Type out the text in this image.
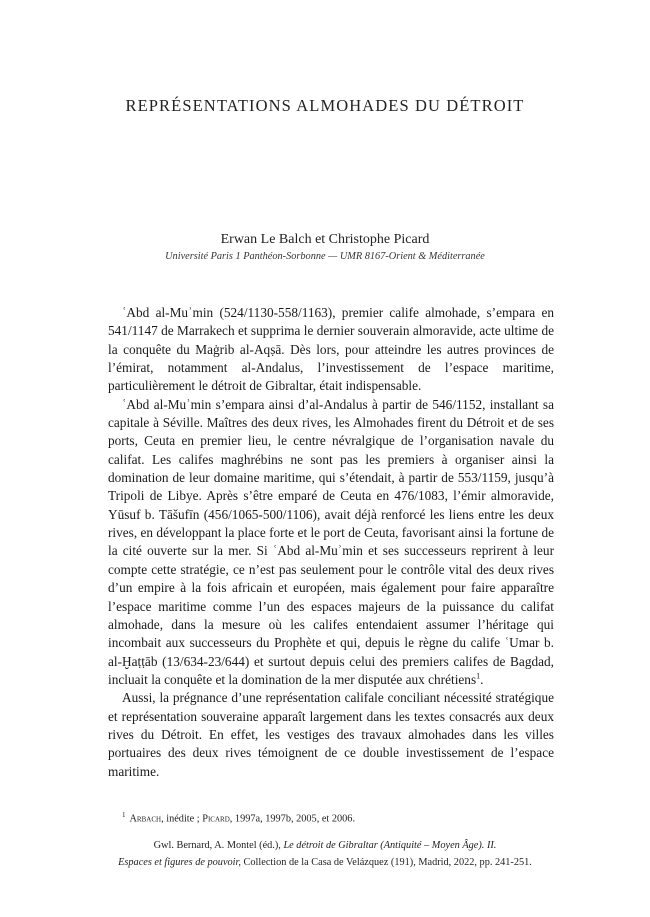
REPRÉSENTATIONS ALMOHADES DU DÉTROIT
Erwan Le Balch et Christophe Picard
Université Paris 1 Panthéon-Sorbonne — UMR 8167-Orient & Méditerranée

ʿAbd al-Muʾmin (524/1130-558/1163), premier calife almohade, s’empara en 541/1147 de Marrakech et supprima le dernier souverain almoravide, acte ultime de la conquête du Maġrib al-Aqṣā. Dès lors, pour atteindre les autres provinces de l’émirat, notamment al-Andalus, l’investissement de l’espace maritime, particulièrement le détroit de Gibraltar, était indispensable.

ʿAbd al-Muʾmin s’empara ainsi d’al-Andalus à partir de 546/1152, installant sa capitale à Séville. Maîtres des deux rives, les Almohades firent du Détroit et de ses ports, Ceuta en premier lieu, le centre névralgique de l’organisation navale du califat. Les califes maghrébins ne sont pas les premiers à organiser ainsi la domination de leur domaine maritime, qui s’étendait, à partir de 553/1159, jusqu’à Tripoli de Libye. Après s’être emparé de Ceuta en 476/1083, l’émir almoravide, Yūsuf b. Tāšufīn (456/1065-500/1106), avait déjà renforcé les liens entre les deux rives, en développant la place forte et le port de Ceuta, favorisant ainsi la fortune de la cité ouverte sur la mer. Si ʿAbd al-Muʾmin et ses successeurs reprirent à leur compte cette stratégie, ce n’est pas seulement pour le contrôle vital des deux rives d’un empire à la fois africain et européen, mais également pour faire apparaître l’espace maritime comme l’un des espaces majeurs de la puissance du califat almohade, dans la mesure où les califes entendaient assumer l’héritage qui incombait aux successeurs du Prophète et qui, depuis le règne du calife ʿUmar b. al-Ḫaṭṭāb (13/634-23/644) et surtout depuis celui des premiers califes de Bagdad, incluait la conquête et la domination de la mer disputée aux chrétiens$^1$.

Aussi, la prégnance d’une représentation califale conciliant nécessité stratégique et représentation souveraine apparaît largement dans les textes consacrés aux deux rives du Détroit. En effet, les vestiges des travaux almohades dans les villes portuaires des deux rives témoignent de ce double investissement de l’espace maritime.

$^1$ Arbach, inédite ; Picard, 1997a, 1997b, 2005, et 2006.
Gwl. Bernard, A. Montel (éd.), Le détroit de Gibraltar (Antiquité – Moyen Âge). II.
Espaces et figures de pouvoir, Collection de la Casa de Velázquez (191), Madrid, 2022, pp. 241-251.
